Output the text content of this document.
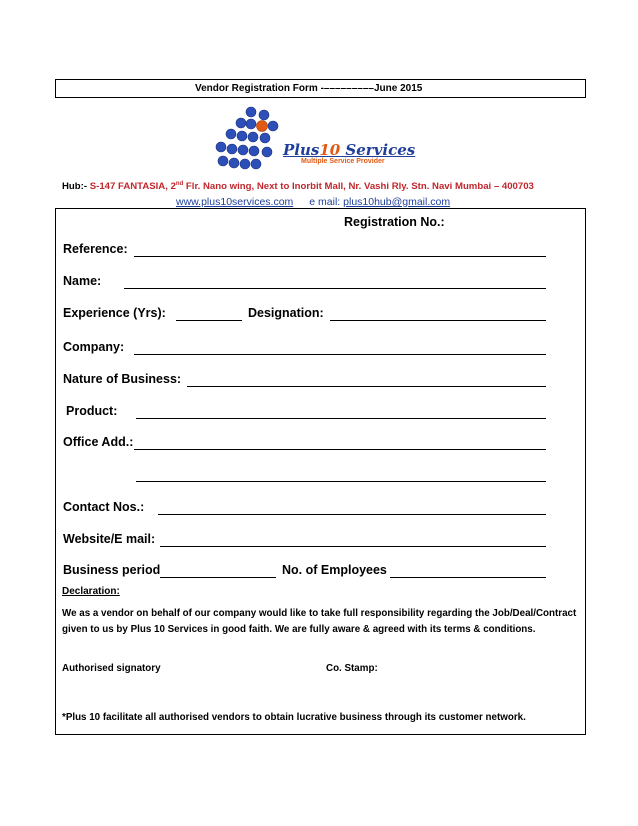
Vendor Registration Form -–––––––––June 2015
Plus10 Services
Multiple Service Provider
Hub:- S-147 FANTASIA, 2nd Flr. Nano wing, Next to Inorbit Mall, Nr. Vashi Rly. Stn. Navi Mumbai – 400703
www.plus10services.com e mail: plus10hub@gmail.com
Registration No.:
Reference:
Name:
Experience (Yrs):	Designation:
Company:
Nature of Business:
Product:
Office Add.:
Contact Nos.:
Website/E mail:
Business period	No. of Employees
Declaration:
We as a vendor on behalf of our company would like to take full responsibility regarding the Job/Deal/Contract given to us by Plus 10 Services in good faith. We are fully aware & agreed with its terms & conditions.
Authorised signatory	Co. Stamp:
*Plus 10 facilitate all authorised vendors to obtain lucrative business through its customer network.
